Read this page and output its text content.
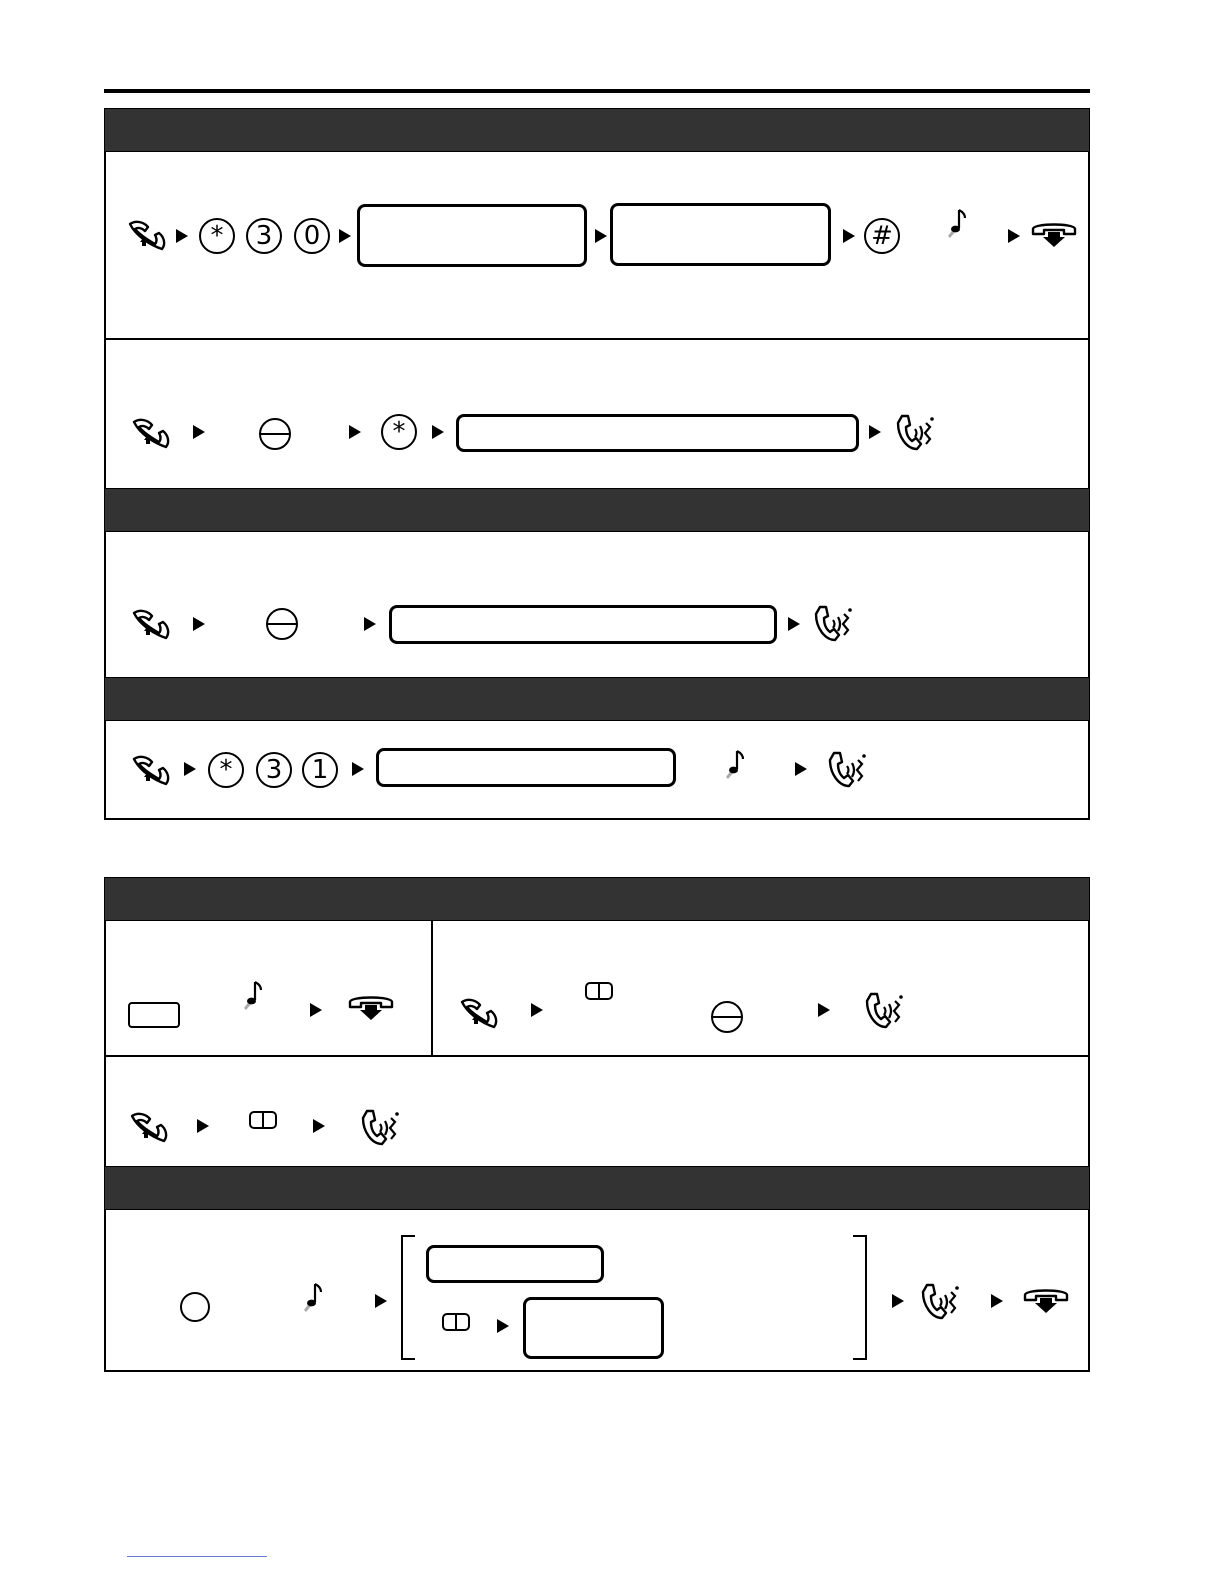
*	3	0	#
*
*	3	1
